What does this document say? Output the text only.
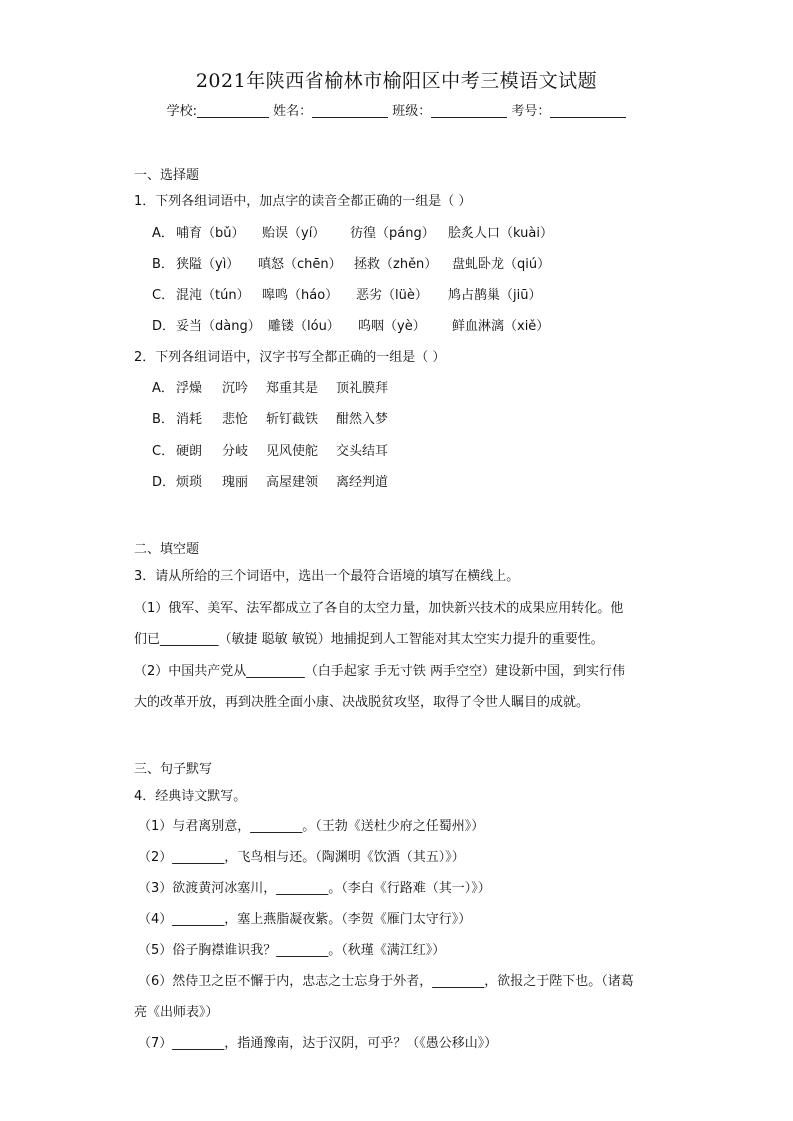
2021年陕西省榆林市榆阳区中考三模语文试题
学校:	姓名：	班级：	考号：
一、选择题
1．下列各组词语中，加点字的读音全都正确的一组是（ ）
A． 哺育（bǔ） 贻误（yí） 彷徨（páng） 脍炙人口（kuài）
B． 狭隘（yì） 嗔怒（chēn） 拯救（zhěn） 盘虬卧龙（qiú）
C． 混沌（tún） 嗥鸣（háo） 恶劣（lüè） 鸠占鹊巢（jiū）
D． 妥当（dàng） 雕镂（lóu） 呜咽（yè） 鲜血淋漓（xiě）
2．下列各组词语中，汉字书写全都正确的一组是（ ）
A． 浮燥 沉吟 郑重其是 顶礼膜拜
B． 消耗 悲怆 斩钉截铁 酣然入梦
C． 硬朗 分岐 见风使舵 交头结耳
D． 烦琐 瑰丽 高屋建领 离经判道
二、填空题
3．请从所给的三个词语中，选出一个最符合语境的填写在横线上。
（1）俄军、美军、法军都成立了各自的太空力量，加快新兴技术的成果应用转化。他
们已_________（敏捷 聪敏 敏锐）地捕捉到人工智能对其太空实力提升的重要性。
（2）中国共产党从_________（白手起家 手无寸铁 两手空空）建设新中国，到实行伟
大的改革开放，再到决胜全面小康、决战脱贫攻坚，取得了令世人瞩目的成就。
三、句子默写
4．经典诗文默写。
（1）与君离别意，________。（王勃《送杜少府之任蜀州》）
（2）________，飞鸟相与还。（陶渊明《饮酒（其五）》）
（3）欲渡黄河冰塞川，________。（李白《行路难（其一）》）
（4）________，塞上燕脂凝夜紫。（李贺《雁门太守行》）
（5）俗子胸襟谁识我？________。（秋瑾《满江红》）
（6）然侍卫之臣不懈于内，忠志之士忘身于外者，________，欲报之于陛下也。（诸葛
亮《出师表》）
（7）________，指通豫南，达于汉阴，可乎？（《愚公移山》）
